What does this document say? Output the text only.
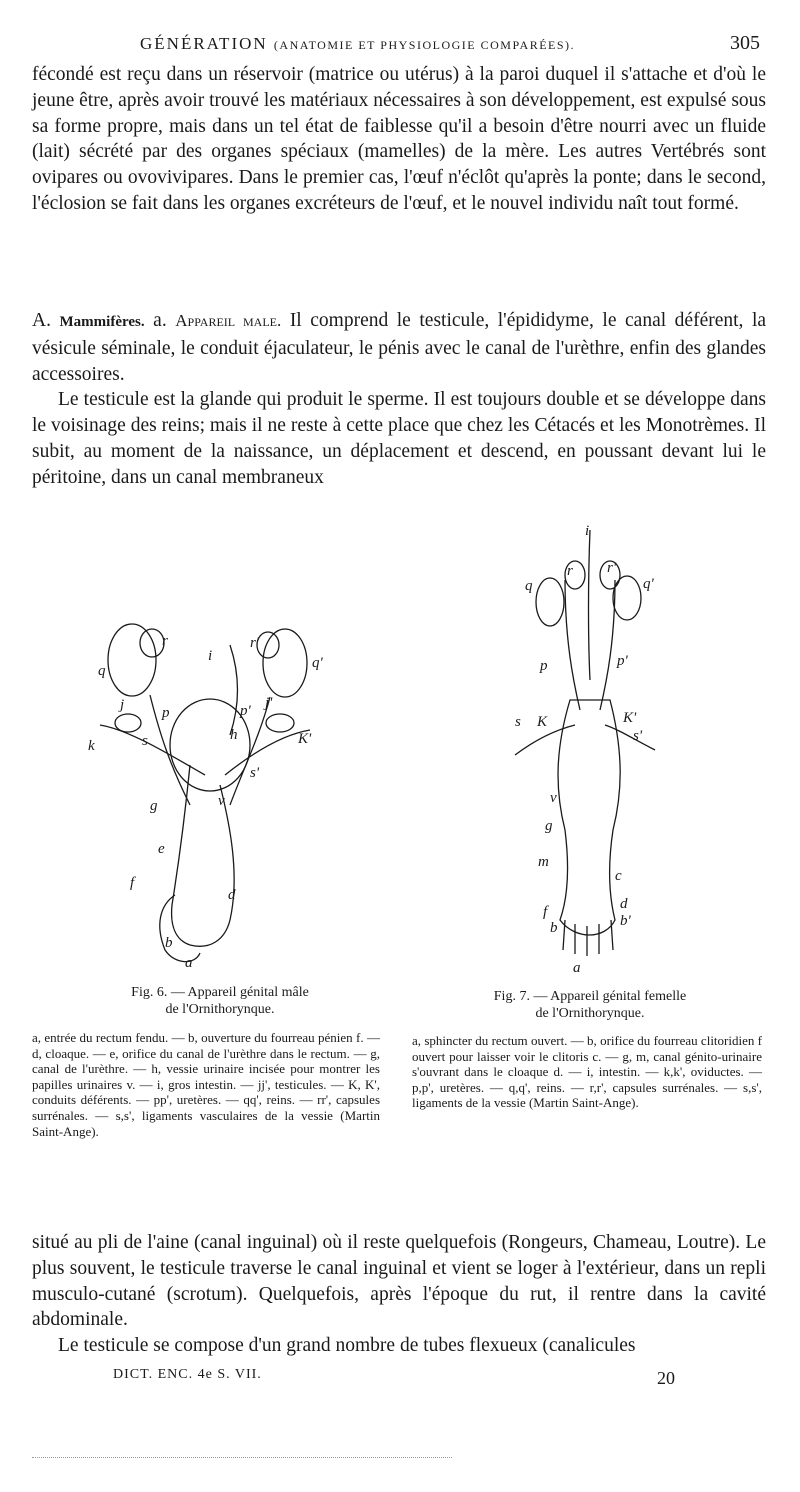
GÉNÉRATION (ANATOMIE ET PHYSIOLOGIE COMPARÉES).	305

fécondé est reçu dans un réservoir (matrice ou utérus) à la paroi duquel il s'attache et d'où le jeune être, après avoir trouvé les matériaux nécessaires à son développement, est expulsé sous sa forme propre, mais dans un tel état de faiblesse qu'il a besoin d'être nourri avec un fluide (lait) sécrété par des organes spéciaux (mamelles) de la mère. Les autres Vertébrés sont ovipares ou ovovivipares. Dans le premier cas, l'œuf n'éclôt qu'après la ponte; dans le second, l'éclosion se fait dans les organes excréteurs de l'œuf, et le nouvel individu naît tout formé.

A. Mammifères. a. Appareil male. Il comprend le testicule, l'épididyme, le canal déférent, la vésicule séminale, le conduit éjaculateur, le pénis avec le canal de l'urèthre, enfin des glandes accessoires.

Le testicule est la glande qui produit le sperme. Il est toujours double et se développe dans le voisinage des reins; mais il ne reste à cette place que chez les Cétacés et les Monotrèmes. Il subit, au moment de la naissance, un déplacement et descend, en poussant devant lui le péritoine, dans un canal membraneux

q
r
i
r'
q'
j	p	p' j'
k	s	h	K'
s'
g	v
e
f
d
b
a
i
q
r r'
q'
p	p'
s K	K'
s'
v
g
m
c
d
f
b	b'
a
Fig. 6. — Appareil génital mâle
de l'Ornithorynque.
a, entrée du rectum fendu. — b, ouverture du fourreau pénien f. — d, cloaque. — e, orifice du canal de l'urèthre dans le rectum. — g, canal de l'urèthre. — h, vessie urinaire incisée pour montrer les papilles urinaires v. — i, gros intestin. — jj', testicules. — K, K', conduits déférents. — pp', uretères. — qq', reins. — rr', capsules surrénales. — s,s', ligaments vasculaires de la vessie (Martin Saint-Ange).
Fig. 7. — Appareil génital femelle
de l'Ornithorynque.
a, sphincter du rectum ouvert. — b, orifice du fourreau clitoridien f ouvert pour laisser voir le clitoris c. — g, m, canal génito-urinaire s'ouvrant dans le cloaque d. — i, intestin. — k,k', oviductes. — p,p', uretères. — q,q', reins. — r,r', capsules surrénales. — s,s', ligaments de la vessie (Martin Saint-Ange).

situé au pli de l'aine (canal inguinal) où il reste quelquefois (Rongeurs, Chameau, Loutre). Le plus souvent, le testicule traverse le canal inguinal et vient se loger à l'extérieur, dans un repli musculo-cutané (scrotum). Quelquefois, après l'époque du rut, il rentre dans la cavité abdominale.

Le testicule se compose d'un grand nombre de tubes flexueux (canalicules

DICT. ENC. 4e S. VII.	20
